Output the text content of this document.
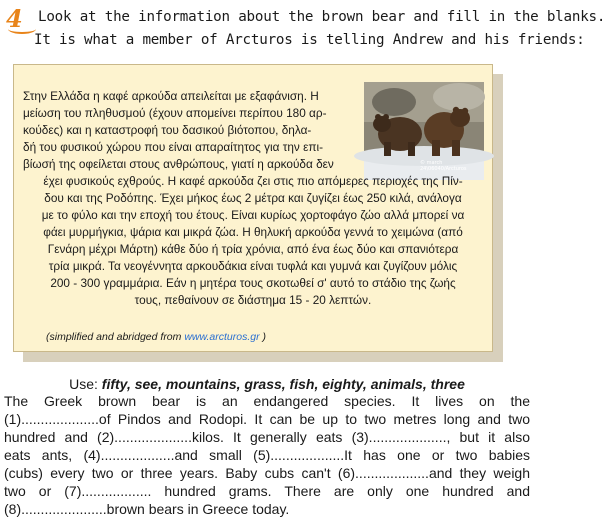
4	Look at the information about the brown bear and fill in the blanks.
It is what a member of Arcturos is telling Andrew and his friends:
© march
24\06040/Arcturos
Στην Ελλάδα η καφέ αρκούδα απειλείται με εξαφάνιση. Η
μείωση του πληθυσμού (έχουν απομείνει περίπου 180 αρ-
κούδες) και η καταστροφή του δασικού βιότοπου, δηλα-
δή του φυσικού χώρου που είναι απαραίτητος για την επι-
βίωσή της οφείλεται στους ανθρώπους, γιατί η αρκούδα δεν
έχει φυσικούς εχθρούς. Η καφέ αρκούδα ζει στις πιο απόμερες περιοχές της Πίν-
δου και της Ροδόπης. Έχει μήκος έως 2 μέτρα και ζυγίζει έως 250 κιλά, ανάλογα
με το φύλο και την εποχή του έτους. Είναι κυρίως χορτοφάγο ζώο αλλά μπορεί να
φάει μυρμήγκια, ψάρια και μικρά ζώα. Η θηλυκή αρκούδα γεννά το χειμώνα (από
Γενάρη μέχρι Μάρτη) κάθε δύο ή τρία χρόνια, από ένα έως δύο και σπανιότερα
τρία μικρά. Τα νεογέννητα αρκουδάκια είναι τυφλά και γυμνά και ζυγίζουν μόλις
200 - 300 γραμμάρια. Εάν η μητέρα τους σκοτωθεί σ' αυτό το στάδιο της ζωής
τους, πεθαίνουν σε διάστημα 15 - 20 λεπτών.
(simplified and abridged from www.arcturos.gr )
Use: fifty, see, mountains, grass, fish, eighty, animals, three
The Greek brown bear is an endangered species. It lives on the
(1)....................of Pindos and Rodopi. It can be up to two metres long and two
hundred and (2)....................kilos. It generally eats (3)...................., but it also
eats ants, (4)...................and small (5)...................It has one or two babies
(cubs) every two or three years. Baby cubs can't (6)...................and they weigh
two or (7).................. hundred grams. There are only one hundred and
(8)......................brown bears in Greece today.
